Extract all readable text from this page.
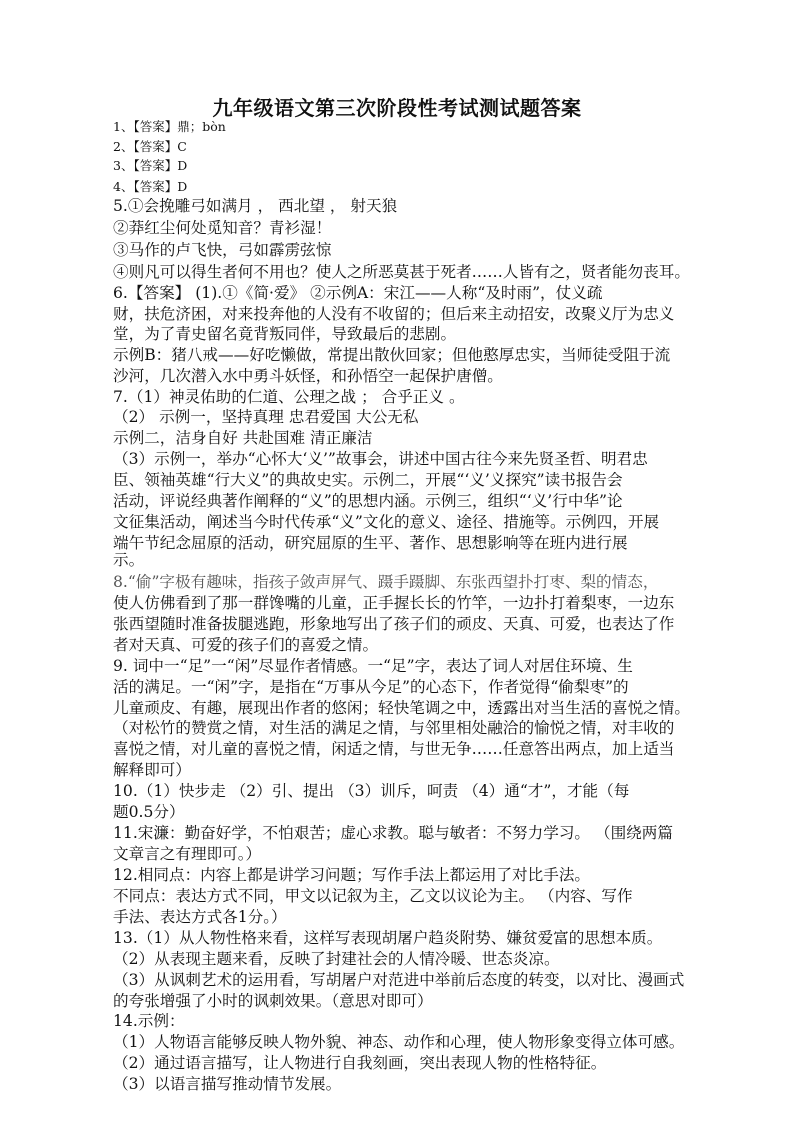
九年级语文第三次阶段性考试测试题答案
1、【答案】鼎；bòn
2、【答案】C
3、【答案】D
4、【答案】D
5.①会挽雕弓如满月 ， 西北望 ， 射天狼
②莽红尘何处觅知音？青衫湿！
③马作的卢飞快，弓如霹雳弦惊
④则凡可以得生者何不用也？使人之所恶莫甚于死者……人皆有之，贤者能勿丧耳。
6.【答案】 (1).①《简·爱》 ②示例A：宋江——人称“及时雨”，仗义疏
财，扶危济困，对来投奔他的人没有不收留的；但后来主动招安，改聚义厅为忠义
堂，为了青史留名竟背叛同伴，导致最后的悲剧。
示例B：猪八戒——好吃懒做，常提出散伙回家；但他憨厚忠实，当师徒受阻于流
沙河，几次潜入水中勇斗妖怪，和孙悟空一起保护唐僧。
7.（1）神灵佑助的仁道、公理之战 ； 合乎正义 。
（2） 示例一，坚持真理 忠君爱国 大公无私
示例二，洁身自好 共赴国难 清正廉洁
（3）示例一，举办“心怀大‘义’”故事会，讲述中国古往今来先贤圣哲、明君忠
臣、领袖英雄“行大义”的典故史实。示例二，开展“‘义’义探究”读书报告会
活动，评说经典著作阐释的“义”的思想内涵。示例三，组织“‘义’行中华”论
文征集活动，阐述当今时代传承“义”文化的意义、途径、措施等。示例四，开展
端午节纪念屈原的活动，研究屈原的生平、著作、思想影响等在班内进行展
示。
8.“偷”字极有趣味，指孩子敛声屏气、蹑手蹑脚、东张西望扑打枣、梨的情态，
使人仿佛看到了那一群馋嘴的儿童，正手握长长的竹竿，一边扑打着梨枣，一边东
张西望随时准备拔腿逃跑，形象地写出了孩子们的顽皮、天真、可爱，也表达了作
者对天真、可爱的孩子们的喜爱之情。
9. 词中一“足”一“闲”尽显作者情感。一“足”字，表达了词人对居住环境、生
活的满足。一“闲”字，是指在“万事从今足”的心态下，作者觉得“偷梨枣”的
儿童顽皮、有趣，展现出作者的悠闲；轻快笔调之中，透露出对当生活的喜悦之情。
（对松竹的赞赏之情，对生活的满足之情，与邻里相处融洽的愉悦之情，对丰收的
喜悦之情，对儿童的喜悦之情，闲适之情，与世无争……任意答出两点，加上适当
解释即可）
10.（1）快步走 （2）引、提出 （3）训斥，呵责 （4）通“才”，才能（每
题0.5分）
11.宋濂：勤奋好学，不怕艰苦；虚心求教。聪与敏者：不努力学习。 （围绕两篇
文章言之有理即可。）
12.相同点：内容上都是讲学习问题；写作手法上都运用了对比手法。
不同点：表达方式不同，甲文以记叙为主，乙文以议论为主。 （内容、写作
手法、表达方式各1分。）
13.（1）从人物性格来看，这样写表现胡屠户趋炎附势、嫌贫爱富的思想本质。
（2）从表现主题来看，反映了封建社会的人情冷暖、世态炎凉。
（3）从讽刺艺术的运用看，写胡屠户对范进中举前后态度的转变，以对比、漫画式
的夸张增强了小时的讽刺效果。（意思对即可）
14.示例：
（1）人物语言能够反映人物外貌、神态、动作和心理，使人物形象变得立体可感。
（2）通过语言描写，让人物进行自我刻画，突出表现人物的性格特征。
（3）以语言描写推动情节发展。
